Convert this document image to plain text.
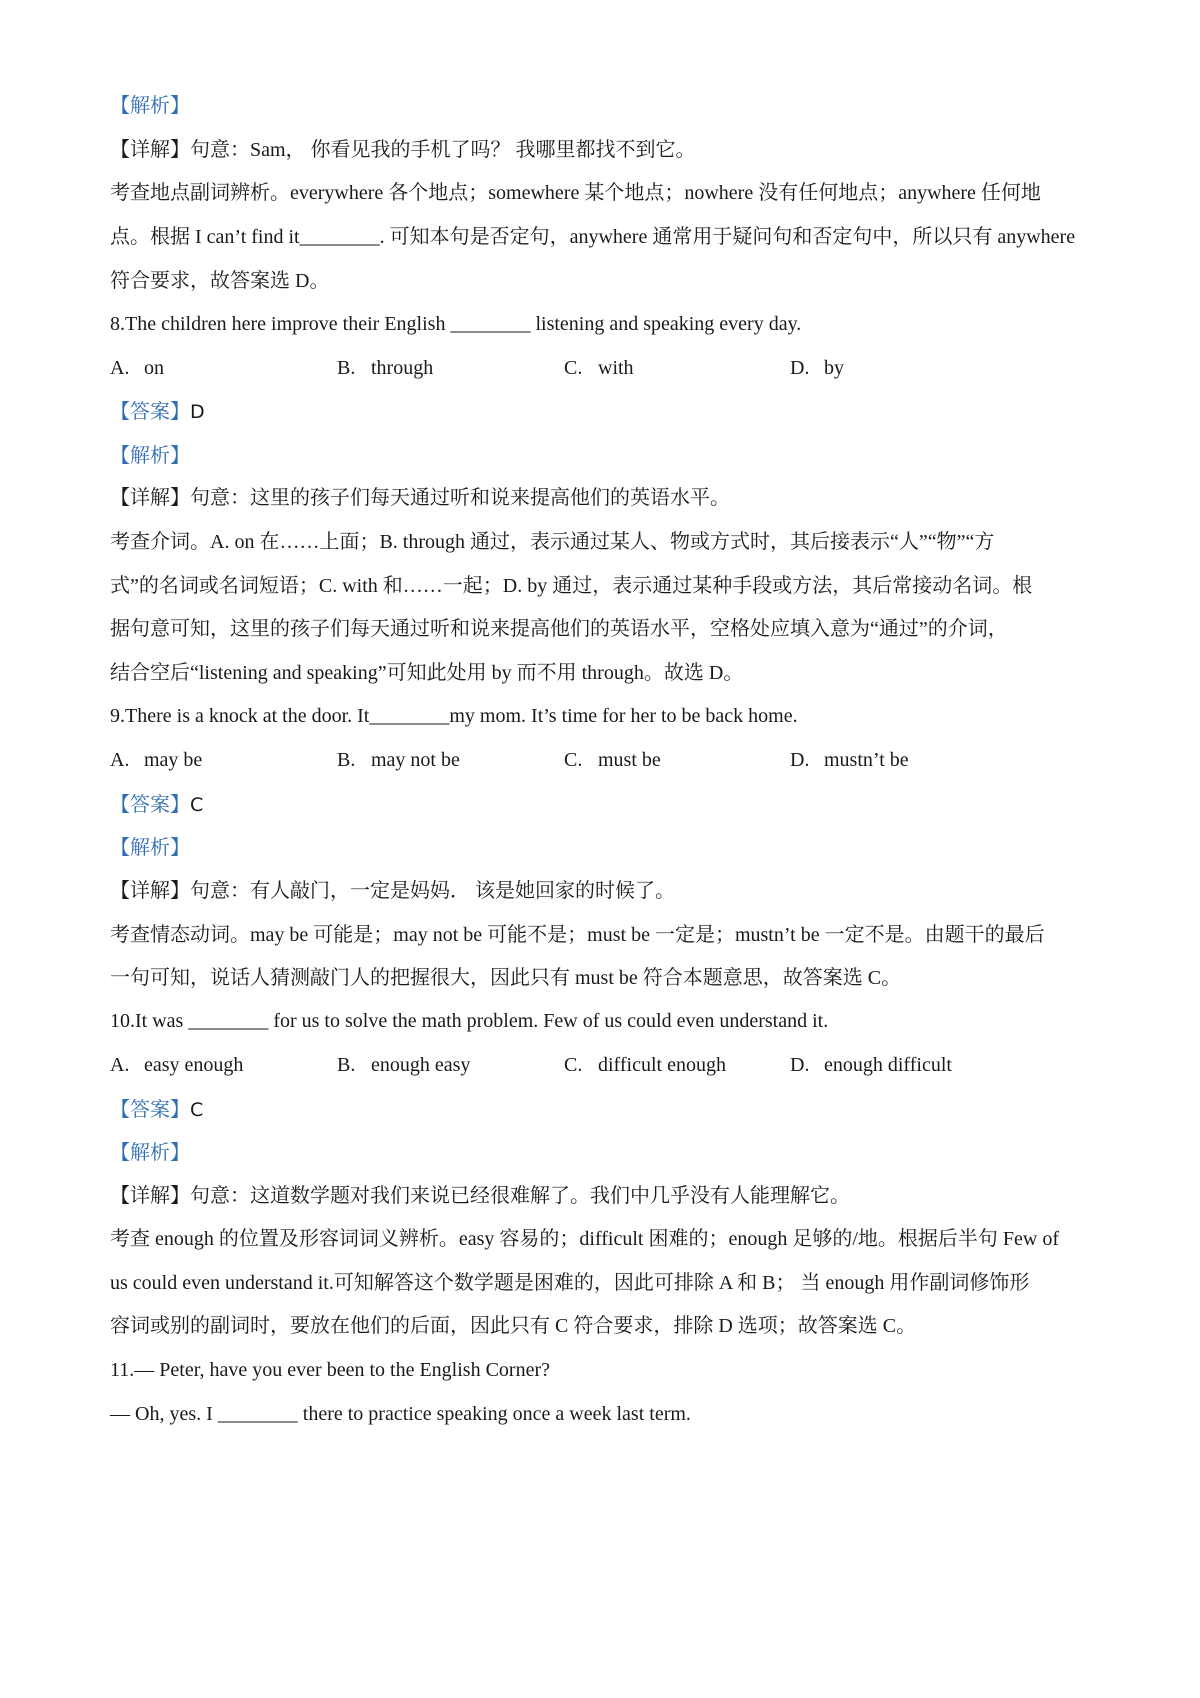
【解析】
【详解】句意：Sam， 你看见我的手机了吗？ 我哪里都找不到它。
考查地点副词辨析。everywhere 各个地点；somewhere 某个地点；nowhere 没有任何地点；anywhere 任何地
点。根据 I can’t find it________. 可知本句是否定句，anywhere 通常用于疑问句和否定句中，所以只有 anywhere
符合要求，故答案选 D。
8.The children here improve their English ________ listening and speaking every day.
A. on	B. through	C. with	D. by
【答案】D
【解析】
【详解】句意：这里的孩子们每天通过听和说来提高他们的英语水平。
考查介词。A. on 在……上面；B. through 通过，表示通过某人、物或方式时，其后接表示“人”“物”“方
式”的名词或名词短语；C. with 和……一起；D. by 通过，表示通过某种手段或方法，其后常接动名词。根
据句意可知，这里的孩子们每天通过听和说来提高他们的英语水平，空格处应填入意为“通过”的介词，
结合空后“listening and speaking”可知此处用 by 而不用 through。故选 D。
9.There is a knock at the door. It________my mom. It’s time for her to be back home.
A. may be	B. may not be	C. must be	D. mustn’t be
【答案】C
【解析】
【详解】句意：有人敲门，一定是妈妈． 该是她回家的时候了。
考查情态动词。may be 可能是；may not be 可能不是；must be 一定是；mustn’t be 一定不是。由题干的最后
一句可知，说话人猜测敲门人的把握很大，因此只有 must be 符合本题意思，故答案选 C。
10.It was ________ for us to solve the math problem. Few of us could even understand it.
A. easy enough	B. enough easy	C. difficult enough	D. enough difficult
【答案】C
【解析】
【详解】句意：这道数学题对我们来说已经很难解了。我们中几乎没有人能理解它。
考查 enough 的位置及形容词词义辨析。easy 容易的；difficult 困难的；enough 足够的/地。根据后半句 Few of
us could even understand it.可知解答这个数学题是困难的，因此可排除 A 和 B； 当 enough 用作副词修饰形
容词或别的副词时，要放在他们的后面，因此只有 C 符合要求，排除 D 选项；故答案选 C。
11.— Peter, have you ever been to the English Corner?
— Oh, yes. I ________ there to practice speaking once a week last term.
